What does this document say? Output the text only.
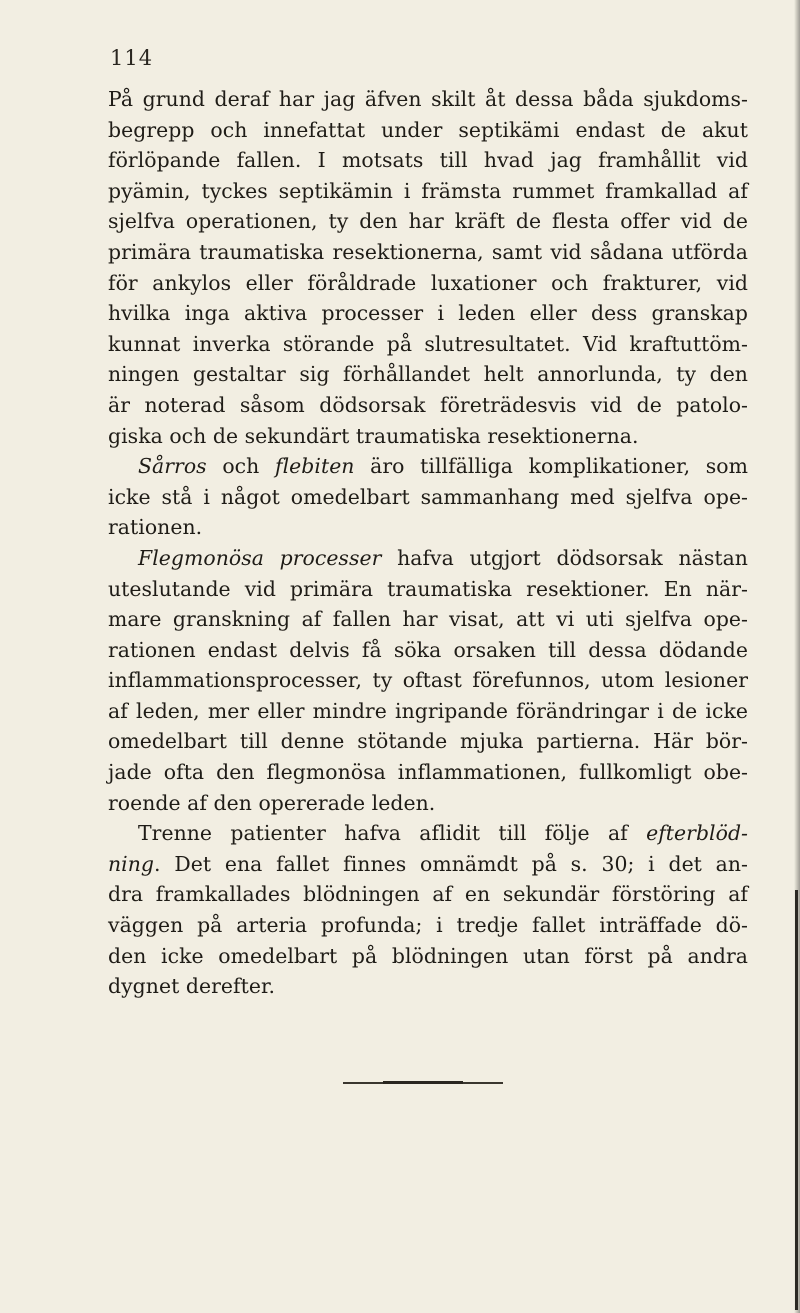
114
På grund deraf har jag äfven skilt åt dessa båda sjukdoms-
begrepp och innefattat under septikämi endast de akut
förlöpande fallen. I motsats till hvad jag framhållit vid
pyämin, tyckes septikämin i främsta rummet framkallad af
sjelfva operationen, ty den har kräft de flesta offer vid de
primära traumatiska resektionerna, samt vid sådana utförda
för ankylos eller föråldrade luxationer och frakturer, vid
hvilka inga aktiva processer i leden eller dess granskap
kunnat inverka störande på slutresultatet. Vid kraftuttöm-
ningen gestaltar sig förhållandet helt annorlunda, ty den
är noterad såsom dödsorsak företrädesvis vid de patolo-
giska och de sekundärt traumatiska resektionerna.
Sårros och flebiten äro tillfälliga komplikationer, som
icke stå i något omedelbart sammanhang med sjelfva ope-
rationen.
Flegmonösa processer hafva utgjort dödsorsak nästan
uteslutande vid primära traumatiska resektioner. En när-
mare granskning af fallen har visat, att vi uti sjelfva ope-
rationen endast delvis få söka orsaken till dessa dödande
inflammationsprocesser, ty oftast förefunnos, utom lesioner
af leden, mer eller mindre ingripande förändringar i de icke
omedelbart till denne stötande mjuka partierna. Här bör-
jade ofta den flegmonösa inflammationen, fullkomligt obe-
roende af den opererade leden.
Trenne patienter hafva aflidit till följe af efterblöd-
ning. Det ena fallet finnes omnämdt på s. 30; i det an-
dra framkallades blödningen af en sekundär förstöring af
väggen på arteria profunda; i tredje fallet inträffade dö-
den icke omedelbart på blödningen utan först på andra
dygnet derefter.
